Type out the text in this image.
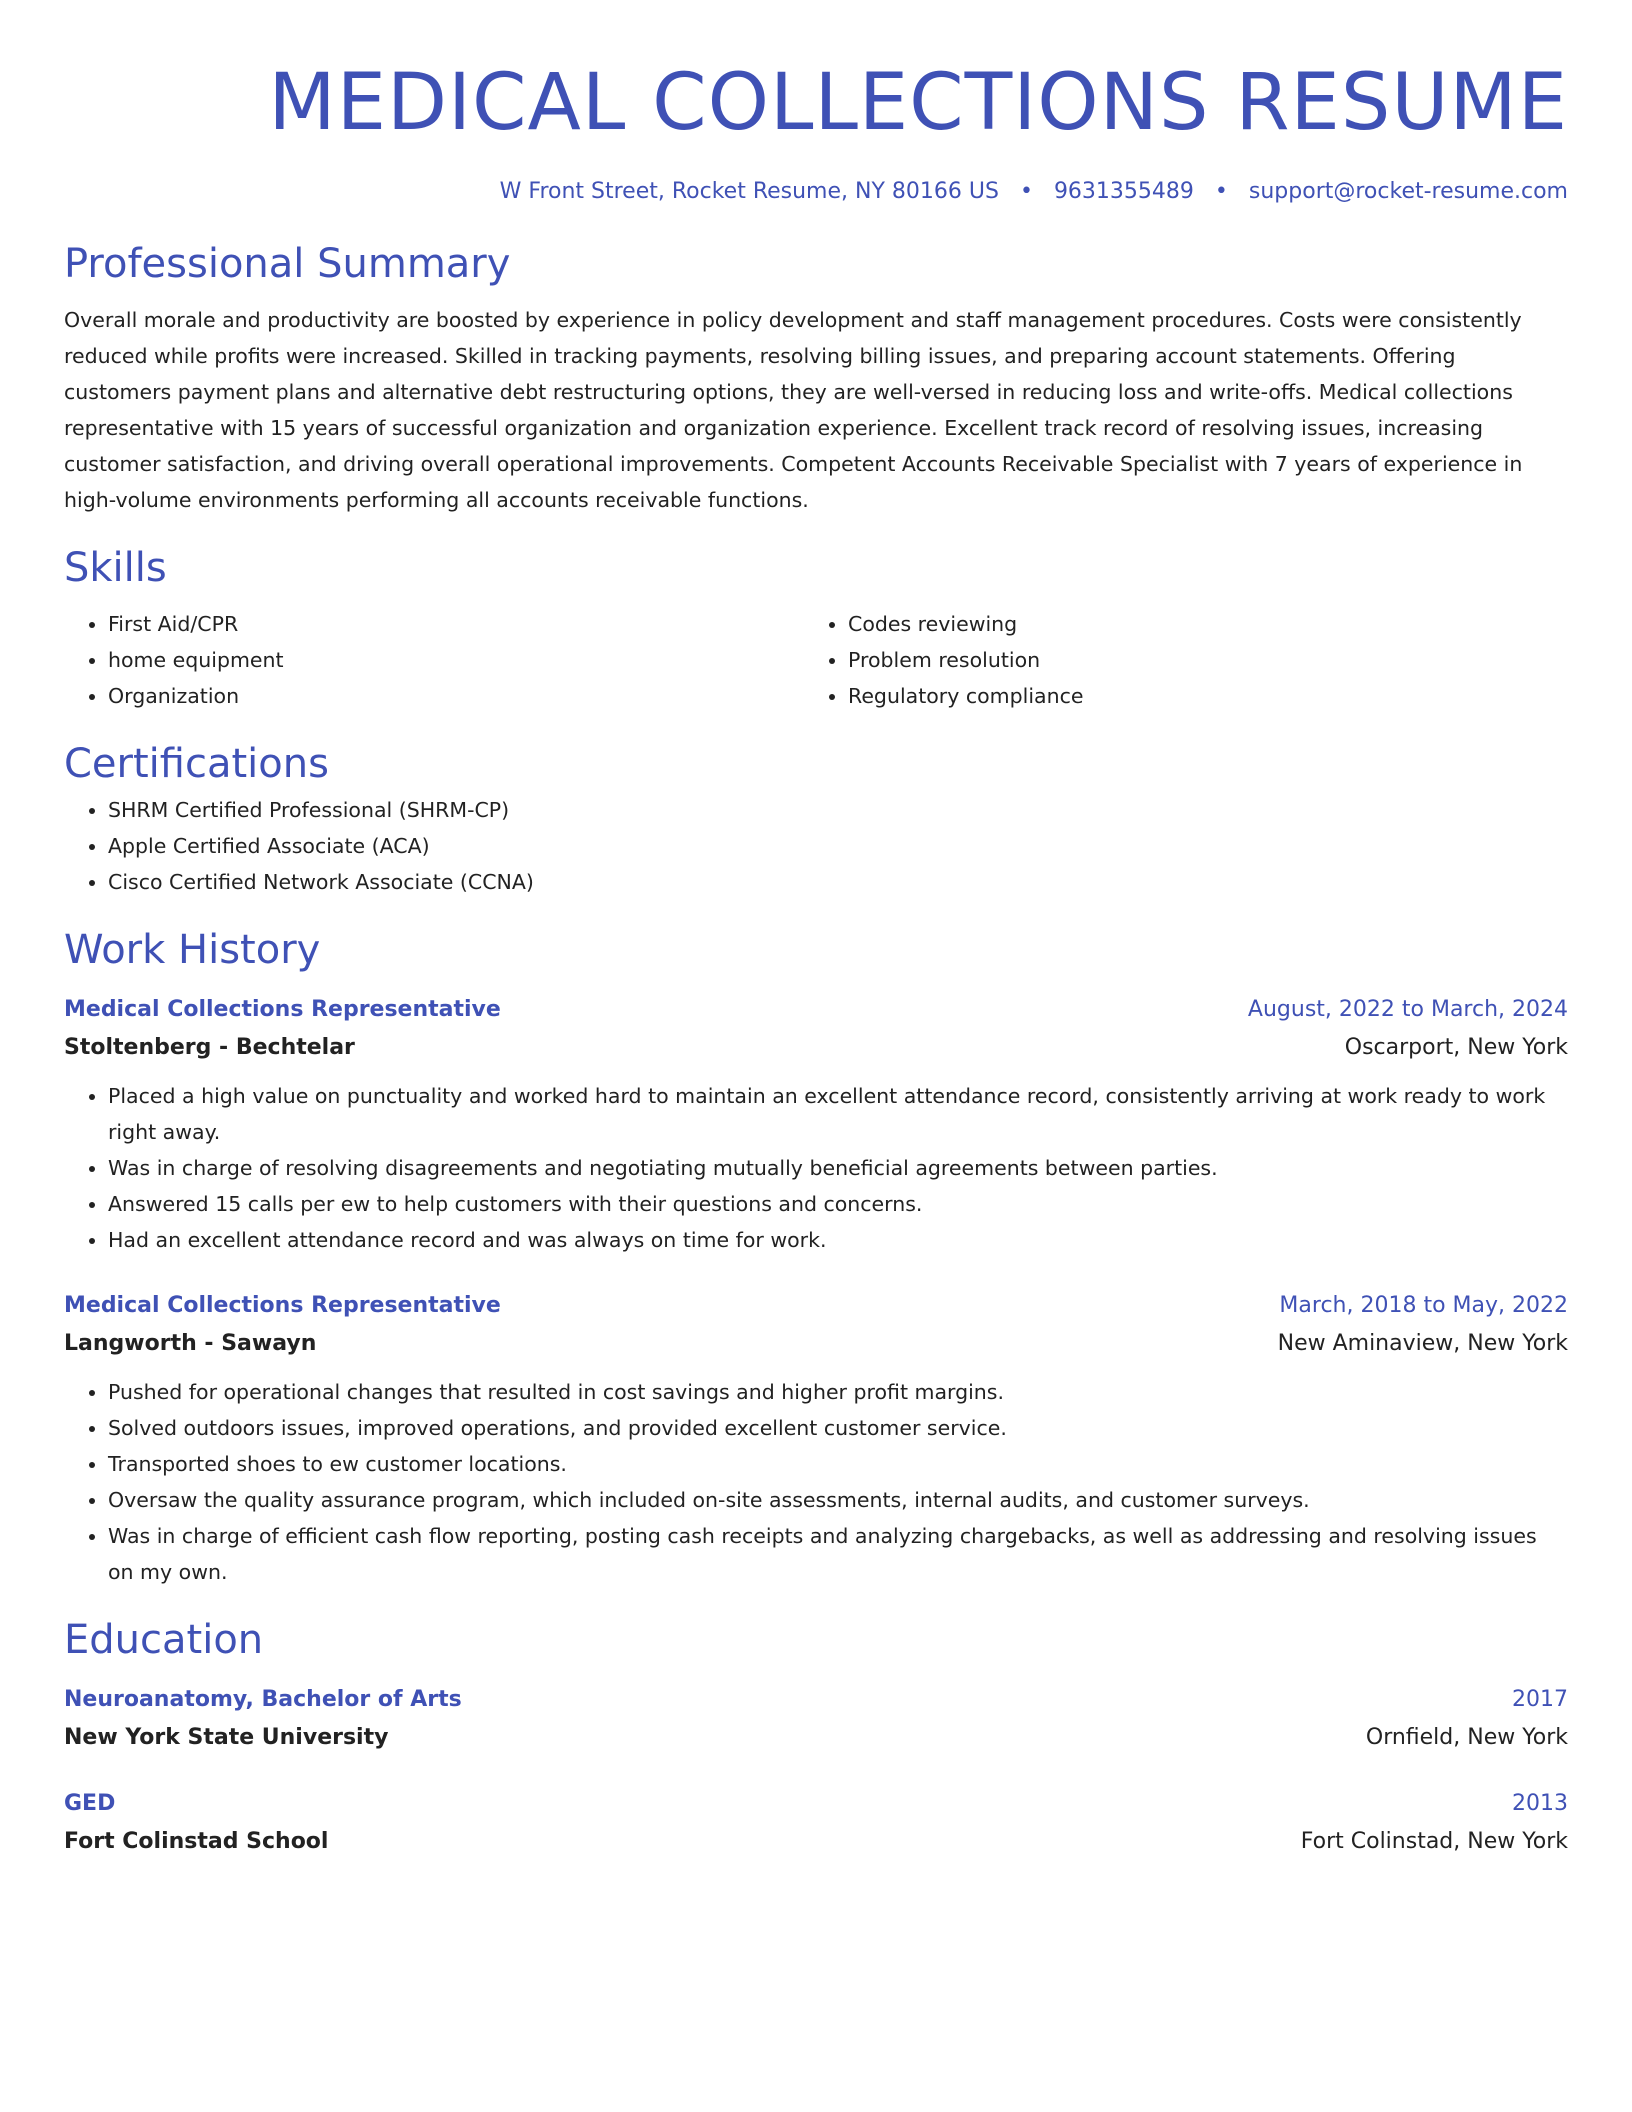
MEDICAL COLLECTIONS RESUME
W Front Street, Rocket Resume, NY 80166 US • 9631355489 • support@rocket-resume.com
Professional Summary

Overall morale and productivity are boosted by experience in policy development and staff management procedures. Costs were consistently reduced while profits were increased. Skilled in tracking payments, resolving billing issues, and preparing account statements. Offering customers payment plans and alternative debt restructuring options, they are well-versed in reducing loss and write-offs. Medical collections representative with 15 years of successful organization and organization experience. Excellent track record of resolving issues, increasing customer satisfaction, and driving overall operational improvements. Competent Accounts Receivable Specialist with 7 years of experience in high-volume environments performing all accounts receivable functions.

Skills
• First Aid/CPR
• home equipment
• Organization
• Codes reviewing
• Problem resolution
• Regulatory compliance
Certifications
• SHRM Certified Professional (SHRM-CP)
• Apple Certified Associate (ACA)
• Cisco Certified Network Associate (CCNA)
Work History
Medical Collections Representative	August, 2022 to March, 2024
Stoltenberg - Bechtelar	Oscarport, New York
• Placed a high value on punctuality and worked hard to maintain an excellent attendance record, consistently arriving at work ready to work right away.
• Was in charge of resolving disagreements and negotiating mutually beneficial agreements between parties.
• Answered 15 calls per ew to help customers with their questions and concerns.
• Had an excellent attendance record and was always on time for work.
Medical Collections Representative	March, 2018 to May, 2022
Langworth - Sawayn	New Aminaview, New York
• Pushed for operational changes that resulted in cost savings and higher profit margins.
• Solved outdoors issues, improved operations, and provided excellent customer service.
• Transported shoes to ew customer locations.
• Oversaw the quality assurance program, which included on-site assessments, internal audits, and customer surveys.
• Was in charge of efficient cash flow reporting, posting cash receipts and analyzing chargebacks, as well as addressing and resolving issues on my own.
Education
Neuroanatomy, Bachelor of Arts	2017
New York State University	Ornfield, New York
GED	2013
Fort Colinstad School	Fort Colinstad, New York
